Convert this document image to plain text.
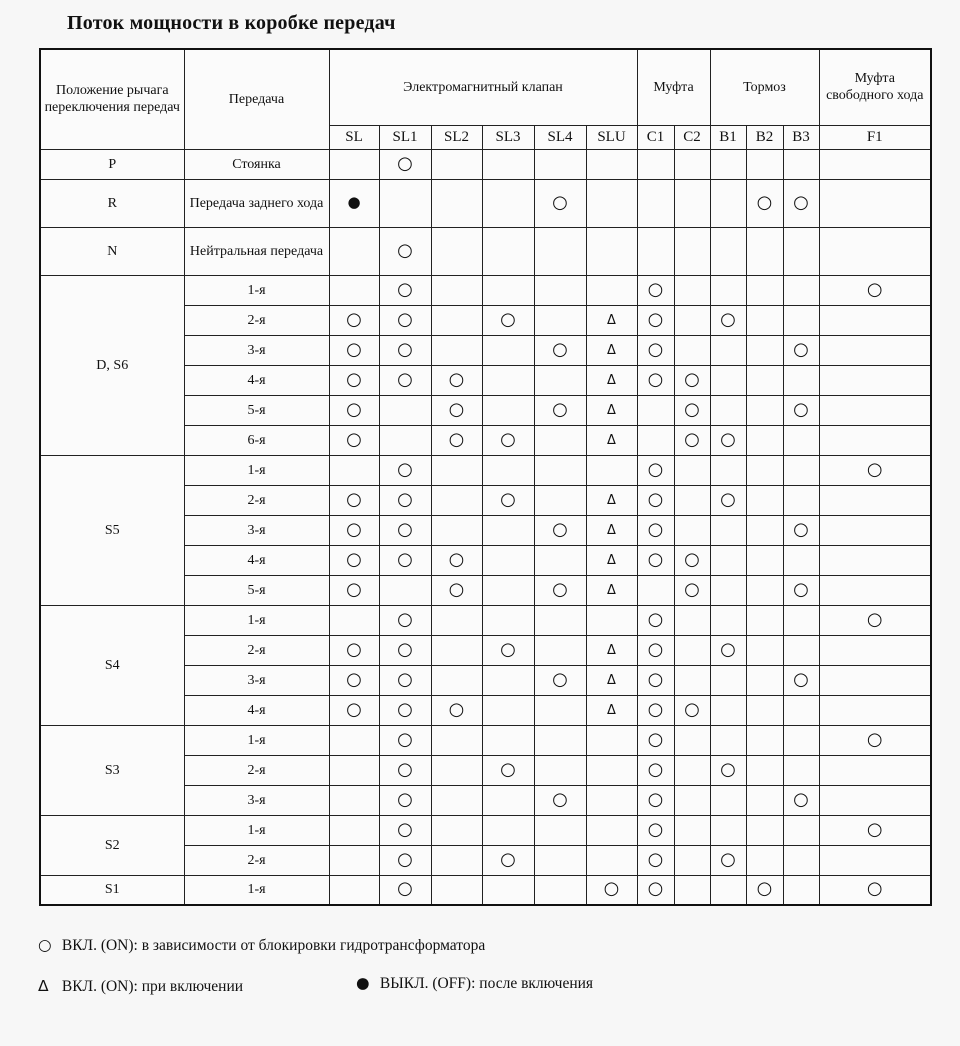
Поток мощности в коробке передач
Положение рычага переключения передач	Передача	Электромагнитный клапан						Муфта		Тормоз			Муфта свободного хода
		SL	SL1	SL2	SL3	SL4	SLU	C1	C2	B1	B2	B3	F1
P	Стоянка		○										
R	Передача заднего хода	●				○					○	○	
N	Нейтральная передача		○										
D, S6	1-я		○					○					○
	2-я	○	○		○		Δ	○		○			
	3-я	○	○			○	Δ	○				○	
	4-я	○	○	○			Δ	○	○				
	5-я	○		○		○	Δ		○			○	
	6-я	○		○	○		Δ		○	○			
S5	1-я		○					○					○
	2-я	○	○		○		Δ	○		○			
	3-я	○	○			○	Δ	○				○	
	4-я	○	○	○			Δ	○	○				
	5-я	○		○		○	Δ		○			○	
S4	1-я		○					○					○
	2-я	○	○		○		Δ	○		○			
	3-я	○	○			○	Δ	○				○	
	4-я	○	○	○			Δ	○	○				
S3	1-я		○					○					○
	2-я		○		○			○		○			
	3-я		○			○		○				○	
S2	1-я		○					○					○
	2-я		○		○			○		○			
S1	1-я		○				○	○			○		○
○ ВКЛ. (ON): в зависимости от блокировки гидротрансформатора
Δ ВКЛ. (ON): при включении	● ВЫКЛ. (OFF): после включения
